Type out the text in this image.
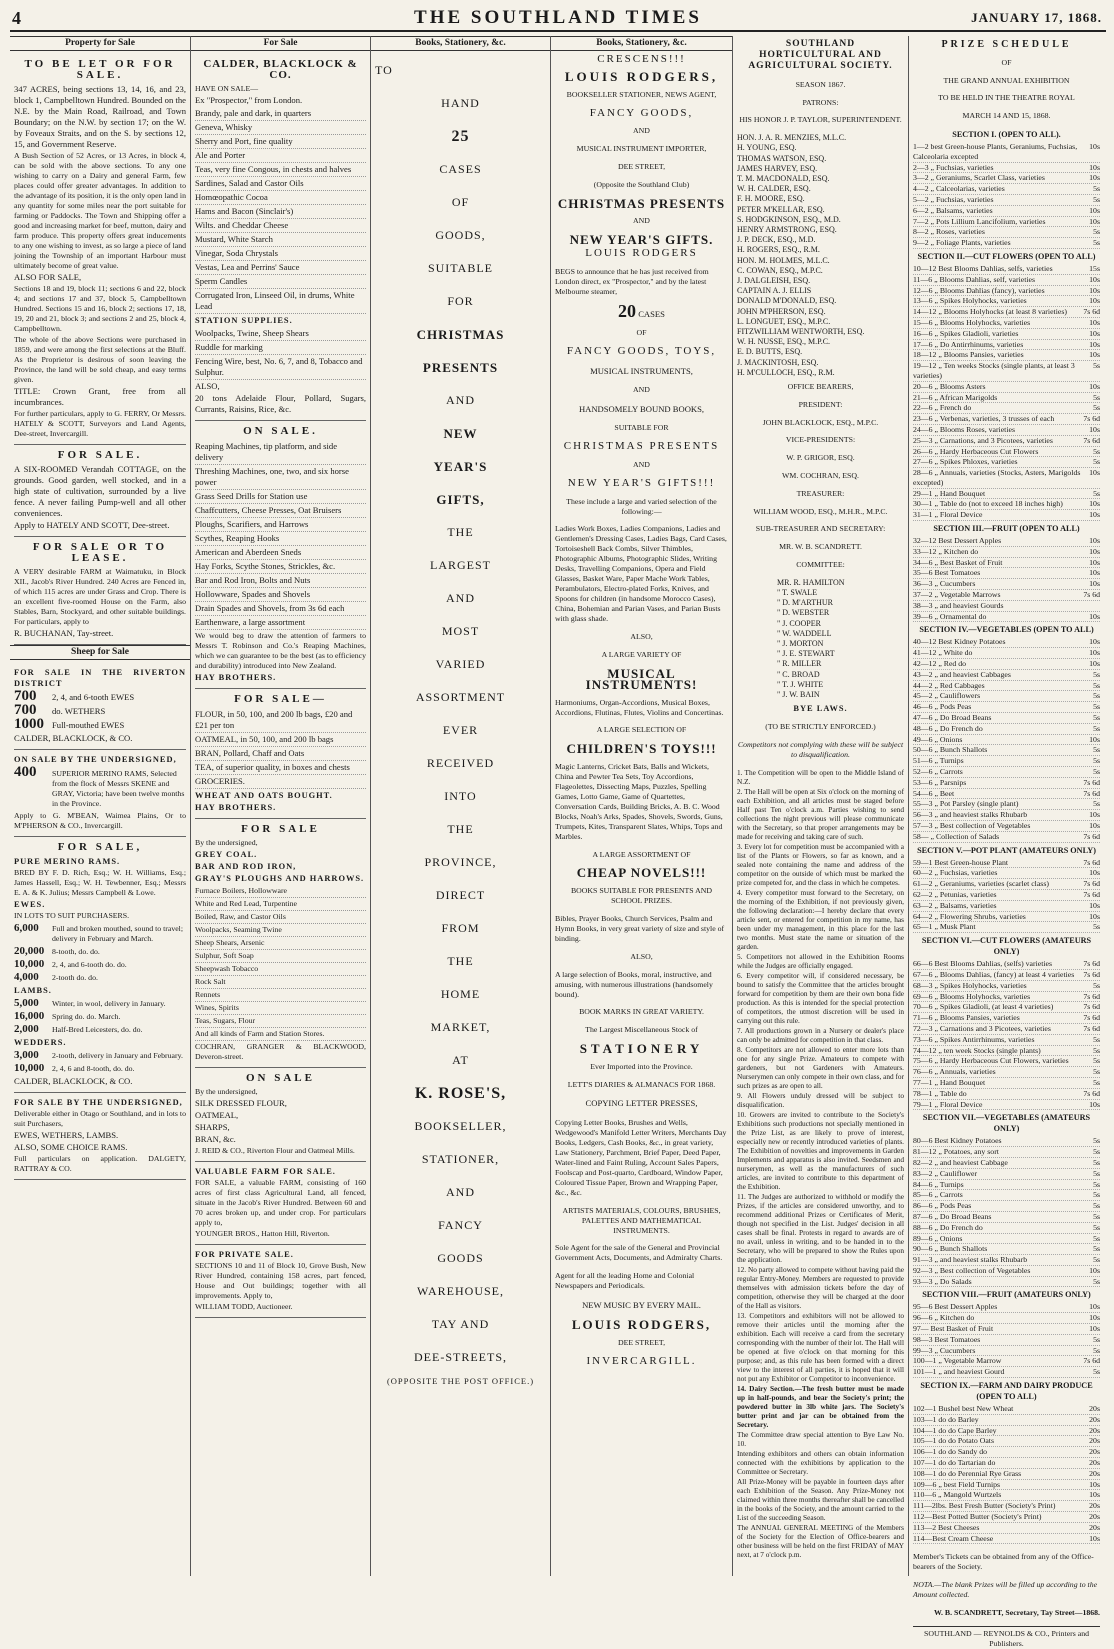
4	THE SOUTHLAND TIMES	JANUARY 17, 1868.
Property for Sale
TO BE LET OR FOR SALE.

347 ACRES, being sections 13, 14, 16, and 23, block 1, Campbelltown Hundred. Bounded on the N.E. by the Main Road, Railroad, and Town Boundary; on the N.W. by section 17; on the W. by Foveaux Straits, and on the S. by sections 12, 15, and Government Reserve.

A Bush Section of 52 Acres, or 13 Acres, in block 4, can be sold with the above sections. To any one wishing to carry on a Dairy and general Farm, few places could offer greater advantages. In addition to the advantage of its position, it is the only open land in any quantity for some miles near the port suitable for farming or Paddocks. The Town and Shipping offer a good and increasing market for beef, mutton, dairy and farm produce. This property offers great inducements to any one wishing to invest, as so large a piece of land joining the Township of an important Harbour must ultimately become of great value.

ALSO FOR SALE,

Sections 18 and 19, block 11; sections 6 and 22, block 4; and sections 17 and 37, block 5, Campbelltown Hundred. Sections 15 and 16, block 2; sections 17, 18, 19, 20 and 21, block 3; and sections 2 and 25, block 4, Campbelltown.

The whole of the above Sections were purchased in 1859, and were among the first selections at the Bluff. As the Proprietor is desirous of soon leaving the Province, the land will be sold cheap, and easy terms given.

TITLE: Crown Grant, free from all incumbrances.

For further particulars, apply to G. FERRY, Or Messrs. HATELY & SCOTT, Surveyors and Land Agents, Dee-street, Invercargill.

FOR SALE.

A SIX-ROOMED Verandah COTTAGE, on the grounds. Good garden, well stocked, and in a high state of cultivation, surrounded by a live fence. A never failing Pump-well and all other conveniences.

Apply to HATELY AND SCOTT, Dee-street.

FOR SALE OR TO LEASE.

A VERY desirable FARM at Waimatuku, in Block XII., Jacob's River Hundred. 240 Acres are Fenced in, of which 115 acres are under Grass and Crop. There is an excellent five-roomed House on the Farm, also Stables, Barn, Stockyard, and other suitable buildings. For particulars, apply to

R. BUCHANAN, Tay-street.

Sheep for Sale

FOR SALE IN THE RIVERTON DISTRICT

700	2, 4, and 6-tooth EWES
700	do. WETHERS
1000 Full-mouthed EWES

CALDER, BLACKLOCK, & CO.

ON SALE BY THE UNDERSIGNED,

400	SUPERIOR MERINO RAMS, Selected from the flock of Messrs SKENE and GRAY, Victoria; have been twelve months in the Province.

Apply to G. M'BEAN, Waimea Plains, Or to M'PHERSON & CO., Invercargill.

FOR SALE,

PURE MERINO RAMS.

BRED BY F. D. Rich, Esq.; W. H. Williams, Esq.; James Hassell, Esq.; W. H. Tewbenner, Esq.; Messrs E. A. & K. Julius; Messrs Campbell & Lowe.

EWES.

IN LOTS TO SUIT PURCHASERS.

6,000	Full and broken mouthed, sound to travel; delivery in February and March.
20,000 8-tooth, do. do.
10,000 2, 4, and 6-tooth do. do.
4,000	2-tooth do. do.

LAMBS.

5,000	Winter, in wool, delivery in January.
16,000 Spring do. do. March.
2,000	Half-Bred Leicesters, do. do.

WEDDERS.

3,000	2-tooth, delivery in January and February.
10,000 2, 4, 6 and 8-tooth, do. do.

CALDER, BLACKLOCK, & CO.

FOR SALE BY THE UNDERSIGNED,

Deliverable either in Otago or Southland, and in lots to suit Purchasers,

EWES, WETHERS, LAMBS.

ALSO, SOME CHOICE RAMS.

Full particulars on application. DALGETY, RATTRAY & CO.

For Sale
CALDER, BLACKLOCK & CO.

HAVE ON SALE—

Ex "Prospector," from London.

Brandy, pale and dark, in quarters
Geneva, Whisky
Sherry and Port, fine quality
Ale and Porter
Teas, very fine Congous, in chests and halves
Sardines, Salad and Castor Oils
Homœopathic Cocoa
Hams and Bacon (Sinclair's)
Wilts. and Cheddar Cheese
Mustard, White Starch
Vinegar, Soda Chrystals
Vestas, Lea and Perrins' Sauce
Sperm Candles
Corrugated Iron, Linseed Oil, in drums, White Lead

STATION SUPPLIES.

Woolpacks, Twine, Sheep Shears
Ruddle for marking
Fencing Wire, best, No. 6, 7, and 8, Tobacco and Sulphur.

ALSO,

20 tons Adelaide Flour, Pollard, Sugars, Currants, Raisins, Rice, &c.

ON SALE.
Reaping Machines, tip platform, and side delivery
Threshing Machines, one, two, and six horse power
Grass Seed Drills for Station use
Chaffcutters, Cheese Presses, Oat Bruisers
Ploughs, Scarifiers, and Harrows
Scythes, Reaping Hooks
American and Aberdeen Sneds
Hay Forks, Scythe Stones, Strickles, &c.
Bar and Rod Iron, Bolts and Nuts
Hollowware, Spades and Shovels
Drain Spades and Shovels, from 3s 6d each
Earthenware, a large assortment

We would beg to draw the attention of farmers to Messrs T. Robinson and Co.'s Reaping Machines, which we can guarantee to be the best (as to efficiency and durability) introduced into New Zealand.

HAY BROTHERS.

FOR SALE—
FLOUR, in 50, 100, and 200 lb bags, £20 and £21 per ton
OATMEAL, in 50, 100, and 200 lb bags
BRAN, Pollard, Chaff and Oats
TEA, of superior quality, in boxes and chests
GROCERIES.

WHEAT AND OATS BOUGHT.

HAY BROTHERS.

FOR SALE

By the undersigned,

GREY COAL.

BAR AND ROD IRON,

GRAY'S PLOUGHS AND HARROWS.

Furnace Boilers, Hollowware
White and Red Lead, Turpentine
Boiled, Raw, and Castor Oils
Woolpacks, Seaming Twine
Sheep Shears, Arsenic
Sulphur, Soft Soap
Sheepwash Tobacco
Rock Salt
Rennets
Wines, Spirits
Teas, Sugars, Flour
And all kinds of Farm and Station Stores.

COCHRAN, GRANGER & BLACKWOOD, Deveron-street.

ON SALE

By the undersigned,

SILK DRESSED FLOUR,

OATMEAL,

SHARPS,

BRAN, &c.

J. REID & CO., Riverton Flour and Oatmeal Mills.

VALUABLE FARM FOR SALE.

FOR SALE, a valuable FARM, consisting of 160 acres of first class Agricultural Land, all fenced, situate in the Jacob's River Hundred. Between 60 and 70 acres broken up, and under crop. For particulars apply to,

YOUNGER BROS., Hatton Hill, Riverton.

FOR PRIVATE SALE.

SECTIONS 10 and 11 of Block 10, Grove Bush, New River Hundred, containing 158 acres, part fenced, House and Out buildings; together with all improvements. Apply to,

WILLIAM TODD, Auctioneer.

Books, Stationery, &c.

TO

HAND

25

CASES

OF

GOODS,

SUITABLE

FOR

CHRISTMAS

PRESENTS

AND

NEW

YEAR'S

GIFTS,

THE

LARGEST

AND

MOST

VARIED

ASSORTMENT

EVER

RECEIVED

INTO

THE

PROVINCE,

DIRECT

FROM

THE

HOME

MARKET,

AT

K. ROSE'S,

BOOKSELLER,

STATIONER,

AND

FANCY

GOODS

WAREHOUSE,

TAY AND

DEE-STREETS,

(OPPOSITE THE POST OFFICE.)

Books, Stationery, &c.

CRESCENS!!!

LOUIS RODGERS,

BOOKSELLER STATIONER, NEWS AGENT,

FANCY GOODS,

AND

MUSICAL INSTRUMENT IMPORTER,

DEE STREET,

(Opposite the Southland Club)

CHRISTMAS PRESENTS

AND

NEW YEAR'S GIFTS.

LOUIS RODGERS

BEGS to announce that he has just received from London direct, ex "Prospector," and by the latest Melbourne steamer,

20 CASES

OF

FANCY GOODS, TOYS,

MUSICAL INSTRUMENTS,

AND

HANDSOMELY BOUND BOOKS,

SUITABLE FOR

CHRISTMAS PRESENTS

AND

NEW YEAR'S GIFTS!!!

These include a large and varied selection of the following:—

Ladies Work Boxes, Ladies Companions, Ladies and Gentlemen's Dressing Cases, Ladies Bags, Card Cases, Tortoiseshell Back Combs, Silver Thimbles, Photographic Albums, Photographic Slides, Writing Desks, Travelling Companions, Opera and Field Glasses, Basket Ware, Paper Mache Work Tables, Perambulators, Electro-plated Forks, Knives, and Spoons for children (in handsome Morocco Cases), China, Bohemian and Parian Vases, and Parian Busts with glass shade.

ALSO,

A LARGE VARIETY OF

MUSICAL INSTRUMENTS!

Harmoniums, Organ-Accordions, Musical Boxes, Accordions, Flutinas, Flutes, Violins and Concertinas.

A LARGE SELECTION OF

CHILDREN'S TOYS!!!

Magic Lanterns, Cricket Bats, Balls and Wickets, China and Pewter Tea Sets, Toy Accordions, Flageolettes, Dissecting Maps, Puzzles, Spelling Games, Lotto Game, Game of Quartettes, Conversation Cards, Building Bricks, A. B. C. Wood Blocks, Noah's Arks, Spades, Shovels, Swords, Guns, Trumpets, Kites, Transparent Slates, Whips, Tops and Marbles.

A LARGE ASSORTMENT OF

CHEAP NOVELS!!!

BOOKS SUITABLE FOR PRESENTS AND SCHOOL PRIZES.

Bibles, Prayer Books, Church Services, Psalm and Hymn Books, in very great variety of size and style of binding.

ALSO,

A large selection of Books, moral, instructive, and amusing, with numerous illustrations (handsomely bound).

BOOK MARKS IN GREAT VARIETY.

The Largest Miscellaneous Stock of

STATIONERY

Ever Imported into the Province.

LETT'S DIARIES & ALMANACS FOR 1868.

COPYING LETTER PRESSES,

Copying Letter Books, Brushes and Wells, Wedgewood's Manifold Letter Writers, Merchants Day Books, Ledgers, Cash Books, &c., in great variety, Law Stationery, Parchment, Brief Paper, Deed Paper, Water-lined and Faint Ruling, Account Sales Papers, Foolscap and Post-quarto, Cardboard, Window Paper, Coloured Tissue Paper, Brown and Wrapping Paper, &c., &c.

ARTISTS MATERIALS, COLOURS, BRUSHES, PALETTES AND MATHEMATICAL INSTRUMENTS.

Sole Agent for the sale of the General and Provincial Government Acts, Documents, and Admiralty Charts.

Agent for all the leading Home and Colonial Newspapers and Periodicals.

NEW MUSIC BY EVERY MAIL.

LOUIS RODGERS,

DEE STREET,

INVERCARGILL.

SOUTHLAND HORTICULTURAL AND AGRICULTURAL SOCIETY.

SEASON 1867.

PATRONS:

HIS HONOR J. P. TAYLOR, SUPERINTENDENT.

HON. J. A. R. MENZIES, M.L.C.

H. YOUNG, ESQ.

THOMAS WATSON, ESQ.

JAMES HARVEY, ESQ.

T. M. MACDONALD, ESQ.

W. H. CALDER, ESQ.

F. H. MOORE, ESQ.

PETER M'KELLAR, ESQ.

S. HODGKINSON, ESQ., M.D.

HENRY ARMSTRONG, ESQ.

J. P. DECK, ESQ., M.D.

H. ROGERS, ESQ., R.M.

HON. M. HOLMES, M.L.C.

C. COWAN, ESQ., M.P.C.

J. DALGLEISH, ESQ.

CAPTAIN A. J. ELLIS

DONALD M'DONALD, ESQ.

JOHN M'PHERSON, ESQ.

L. LONGUET, ESQ., M.P.C.

FITZWILLIAM WENTWORTH, ESQ.

W. H. NUSSE, ESQ., M.P.C.

E. D. BUTTS, ESQ.

J. MACKINTOSH, ESQ.

H. M'CULLOCH, ESQ., R.M.

OFFICE BEARERS,

PRESIDENT:

JOHN BLACKLOCK, ESQ., M.P.C.

VICE-PRESIDENTS:

W. P. GRIGOR, ESQ.

WM. COCHRAN, ESQ.

TREASURER:

WILLIAM WOOD, ESQ., M.H.R., M.P.C.

SUB-TREASURER AND SECRETARY:

MR. W. B. SCANDRETT.

COMMITTEE:

MR. R. HAMILTON

" T. SWALE

" D. M'ARTHUR

" D. WEBSTER

" J. COOPER

" W. WADDELL

" J. MORTON

" J. E. STEWART

" R. MILLER

" C. BROAD

" T. J. WHITE

" J. W. BAIN

BYE LAWS.

(TO BE STRICTLY ENFORCED.)

Competitors not complying with these will be subject to disqualification.

1. The Competition will be open to the Middle Island of N.Z.

2. The Hall will be open at Six o'clock on the morning of each Exhibition, and all articles must be staged before Half past Ten o'clock a.m. Parties wishing to send collections the night previous will please communicate with the Secretary, so that proper arrangements may be made for receiving and taking care of such.

3. Every lot for competition must be accompanied with a list of the Plants or Flowers, so far as known, and a sealed note containing the name and address of the competitor on the outside of which must be marked the prize competed for, and the class in which he competes.

4. Every competitor must forward to the Secretary, on the morning of the Exhibition, if not previously given, the following declaration:—I hereby declare that every article sent, or entered for competition in my name, has been under my management, in this place for the last two months. Must state the name or situation of the garden.

5. Competitors not allowed in the Exhibition Rooms while the Judges are officially engaged.

6. Every competitor will, if considered necessary, be bound to satisfy the Committee that the articles brought forward for competition by them are their own bona fide production. As this is intended for the special protection of competitors, the utmost discretion will be used in carrying out this rule.

7. All productions grown in a Nursery or dealer's place can only be admitted for competition in that class.

8. Competitors are not allowed to enter more lots than one for any single Prize. Amateurs to compete with gardeners, but not Gardeners with Amateurs. Nurserymen can only compete in their own class, and for such prizes as are open to all.

9. All Flowers unduly dressed will be subject to disqualification.

10. Growers are invited to contribute to the Society's Exhibitions such productions not specially mentioned in the Prize List, as are likely to prove of interest, especially new or recently introduced varieties of plants. The Exhibition of novelties and improvements in Garden Implements and apparatus is also invited. Seedsmen and nurserymen, as well as the manufacturers of such articles, are invited to contribute to this department of the Exhibition.

11. The Judges are authorized to withhold or modify the Prizes, if the articles are considered unworthy, and to recommend additional Prizes or Certificates of Merit, though not specified in the List. Judges' decision in all cases shall be final. Protests in regard to awards are of no avail, unless in writing, and to be handed in to the Secretary, who will be prepared to show the Rules upon the application.

12. No party allowed to compete without having paid the regular Entry-Money. Members are requested to provide themselves with admission tickets before the day of competition, otherwise they will be charged at the door of the Hall as visitors.

13. Competitors and exhibitors will not be allowed to remove their articles until the morning after the exhibition. Each will receive a card from the secretary corresponding with the number of their lot. The Hall will be opened at five o'clock on that morning for this purpose; and, as this rule has been formed with a direct view to the interest of all parties, it is hoped that it will not put any Exhibitor or Competitor to inconvenience.

14. Dairy Section.—The fresh butter must be made up in half-pounds, and bear the Society's print; the powdered butter in 3lb white jars. The Society's butter print and jar can be obtained from the Secretary.

The Committee draw special attention to Bye Law No. 10.

Intending exhibitors and others can obtain information connected with the exhibitions by application to the Committee or Secretary.

All Prize-Money will be payable in fourteen days after each Exhibition of the Season. Any Prize-Money not claimed within three months thereafter shall be cancelled in the books of the Society, and the amount carried to the List of the succeeding Season.

The ANNUAL GENERAL MEETING of the Members of the Society for the Election of Office-bearers and other business will be held on the first FRIDAY of MAY next, at 7 o'clock p.m.

PRIZE SCHEDULE

OF

THE GRAND ANNUAL EXHIBITION

TO BE HELD IN THE THEATRE ROYAL

MARCH 14 AND 15, 1868.

SECTION I. (OPEN TO ALL).
1—2 best Green-house Plants, Geraniums, Fuchsias, Calceolaria excepted
10s
2—3 „ Fuchsias, varieties	10s
3—2 „ Geraniums, Scarlet Class, varieties	10s
4—2 „ Calceolarias, varieties	5s
5—2 „ Fuchsias, varieties	5s
6—2 „ Balsams, varieties	10s
7—2 „ Pots Lillium Lancifolium, varieties	10s
8—2 „ Roses, varieties	5s
9—2 „ Foliage Plants, varieties	5s
SECTION II.—CUT FLOWERS (OPEN TO ALL)
10—12 Best Blooms Dahlias, selfs, varieties	15s
11—6 „ Blooms Dahlias, self, varieties	10s
12—6 „ Blooms Dahlias (fancy), varieties	10s
13—6 „ Spikes Holyhocks, varieties	10s
14—12 „ Blooms Holyhocks (at least 8 varieties) 7s 6d
15—6 „ Blooms Holyhocks, varieties	10s
16—6 „ Spikes Gladioli, varieties	10s
17—6 „ Do Antirrhinums, varieties	10s
18—12 „ Blooms Pansies, varieties	10s
19—12 „ Ten weeks Stocks (single plants, at least 3 varieties)
5s
20—6 „ Blooms Asters	10s
21—6 „ African Marigolds	5s
22—6 „ French do	5s
23—6 „ Verbenas, varieties, 3 trusses of each	7s 6d
24—6 „ Blooms Roses, varieties	10s
25—3 „ Carnations, and 3 Picotees, varieties	7s 6d
26—6 „ Hardy Herbaceous Cut Flowers	5s
27—6 „ Spikes Phloxes, varieties	5s
28—6 „ Annuals, varieties (Stocks, Asters, Marigolds excepted)
10s
29—1 „ Hand Bouquet	5s
30—1 „ Table do (not to exceed 18 inches high)	10s
31—1 „ Floral Device	10s
SECTION III.—FRUIT (OPEN TO ALL)
32—12 Best Dessert Apples	10s
33—12 „ Kitchen do	10s
34—6 „ Best Basket of Fruit	10s
35—6 Best Tomatoes	10s
36—3 „ Cucumbers	10s
37—2 „ Vegetable Marrows	7s 6d
38—3 „ and heaviest Gourds
39—6 „ Ornamental do	10s
SECTION IV.—VEGETABLES (OPEN TO ALL)
40—12 Best Kidney Potatoes	10s
41—12 „ White do	10s
42—12 „ Red do	10s
43—2 „ and heaviest Cabbages	5s
44—2 „ Red Cabbages	5s
45—2 „ Cauliflowers	5s
46—6 „ Pods Peas	5s
47—6 „ Do Broad Beans	5s
48—6 „ Do French do	5s
49—6 „ Onions	10s
50—6 „ Bunch Shallots	5s
51—6 „ Turnips	5s
52—6 „ Carrots	5s
53—6 „ Parsnips	7s 6d
54—6 „ Beet	7s 6d
55—3 „ Pot Parsley (single plant)	5s
56—3 „ and heaviest stalks Rhubarb	10s
57—3 „ Best collection of Vegetables	10s
58— „ Collection of Salads	7s 6d
SECTION V.—POT PLANT (AMATEURS ONLY)
59—1 Best Green-house Plant	7s 6d
60—2 „ Fuchsias, varieties	10s
61—2 „ Geraniums, varieties (scarlet class)	7s 6d
62—2 „ Petunias, varieties	7s 6d
63—2 „ Balsams, varieties	10s
64—2 „ Flowering Shrubs, varieties	10s
65—1 „ Musk Plant	5s
SECTION VI.—CUT FLOWERS (AMATEURS ONLY)
66—6 Best Blooms Dahlias, (selfs) varieties	7s 6d
67—6 „ Blooms Dahlias, (fancy) at least 4 varieties 7s 6d
68—3 „ Spikes Holyhocks, varieties	5s
69—6 „ Blooms Holyhocks, varieties	7s 6d
70—6 „ Spikes Gladioli, (at least 4 varieties)	7s 6d
71—6 „ Blooms Pansies, varieties	7s 6d
72—3 „ Carnations and 3 Picotees, varieties	7s 6d
73—6 „ Spikes Antirrhinums, varieties	5s
74—12 „ ten week Stocks (single plants)	5s
75—6 „ Hardy Herbaceous Cut Flowers, varieties	5s
76—6 „ Annuals, varieties	5s
77—1 „ Hand Bouquet	5s
78—1 „ Table do	7s 6d
79—1 „ Floral Device	10s
SECTION VII.—VEGETABLES (AMATEURS ONLY)
80—6 Best Kidney Potatoes	5s
81—12 „ Potatoes, any sort	5s
82—2 „ and heaviest Cabbage	5s
83—2 „ Cauliflower	5s
84—6 „ Turnips	5s
85—6 „ Carrots	5s
86—6 „ Pods Peas	5s
87—6 „ Do Broad Beans	5s
88—6 „ Do French do	5s
89—6 „ Onions	5s
90—6 „ Bunch Shallots	5s
91—3 „ and heaviest stalks Rhubarb	5s
92—3 „ Best collection of Vegetables	10s
93—3 „ Do Salads	5s
SECTION VIII.—FRUIT (AMATEURS ONLY)
95—6 Best Dessert Apples	10s
96—6 „ Kitchen do	10s
97— Best Basket of Fruit	10s
98—3 Best Tomatoes	5s
99—3 „ Cucumbers	5s
100—1 „ Vegetable Marrow	7s 6d
101—1 „ and heaviest Gourd	5s
SECTION IX.—FARM AND DAIRY PRODUCE (OPEN TO ALL)
102—1 Bushel best New Wheat	20s
103—1 do do Barley	20s
104—1 do do Cape Barley	20s
105—1 do do Potato Oats	20s
106—1 do do Sandy do	20s
107—1 do do Tartarian do	20s
108—1 do do Perennial Rye Grass	20s
109—6 „ best Field Turnips	10s
110—6 „ Mangold Wurtzels	10s
111—2lbs. Best Fresh Butter (Society's Print)	20s
112—Best Potted Butter (Society's Print)	20s
113—2 Best Cheeses	20s
114—Best Cream Cheese	10s

Member's Tickets can be obtained from any of the Office-bearers of the Society.

NOTA.—The blank Prizes will be filled up according to the Amount collected.

W. B. SCANDRETT, Secretary, Tay Street—1868.

SOUTHLAND — REYNOLDS & CO., Printers and Publishers.
